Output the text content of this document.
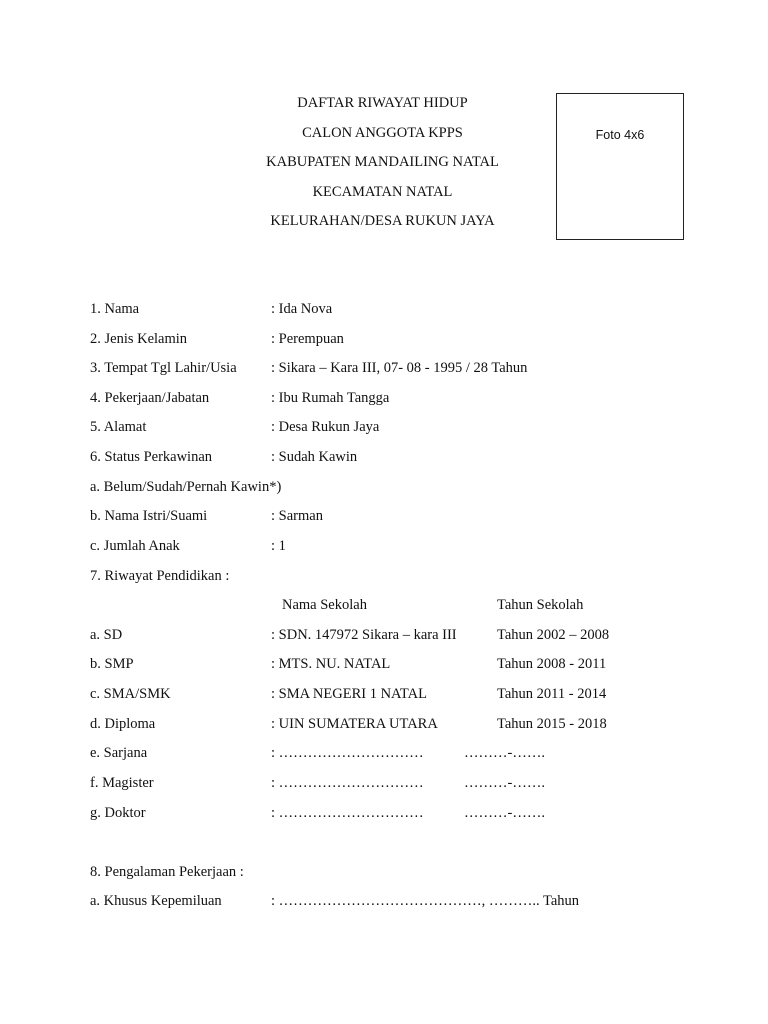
DAFTAR RIWAYAT HIDUP
CALON ANGGOTA KPPS
KABUPATEN MANDAILING NATAL
KECAMATAN NATAL
KELURAHAN/DESA RUKUN JAYA
Foto 4x6
1. Nama	: Ida Nova
2. Jenis Kelamin	: Perempuan
3. Tempat Tgl Lahir/Usia : Sikara – Kara III, 07- 08 - 1995 / 28 Tahun
4. Pekerjaan/Jabatan	: Ibu Rumah Tangga
5. Alamat	: Desa Rukun Jaya
6. Status Perkawinan	: Sudah Kawin
a. Belum/Sudah/Pernah Kawin*)
b. Nama Istri/Suami	: Sarman
c. Jumlah Anak	: 1
7. Riwayat Pendidikan :
Nama Sekolah	Tahun Sekolah
a. SD	: SDN. 147972 Sikara – kara III	Tahun 2002 – 2008
b. SMP	: MTS. NU. NATAL	Tahun 2008 - 2011
c. SMA/SMK	: SMA NEGERI 1 NATAL	Tahun 2011 - 2014
d. Diploma	: UIN SUMATERA UTARA	Tahun 2015 - 2018
e. Sarjana	: …………………………	………-…….
f. Magister	: …………………………	………-…….
g. Doktor	: …………………………	………-…….
8. Pengalaman Pekerjaan :
a. Khusus Kepemiluan	: ……………………………………, ……….. Tahun
